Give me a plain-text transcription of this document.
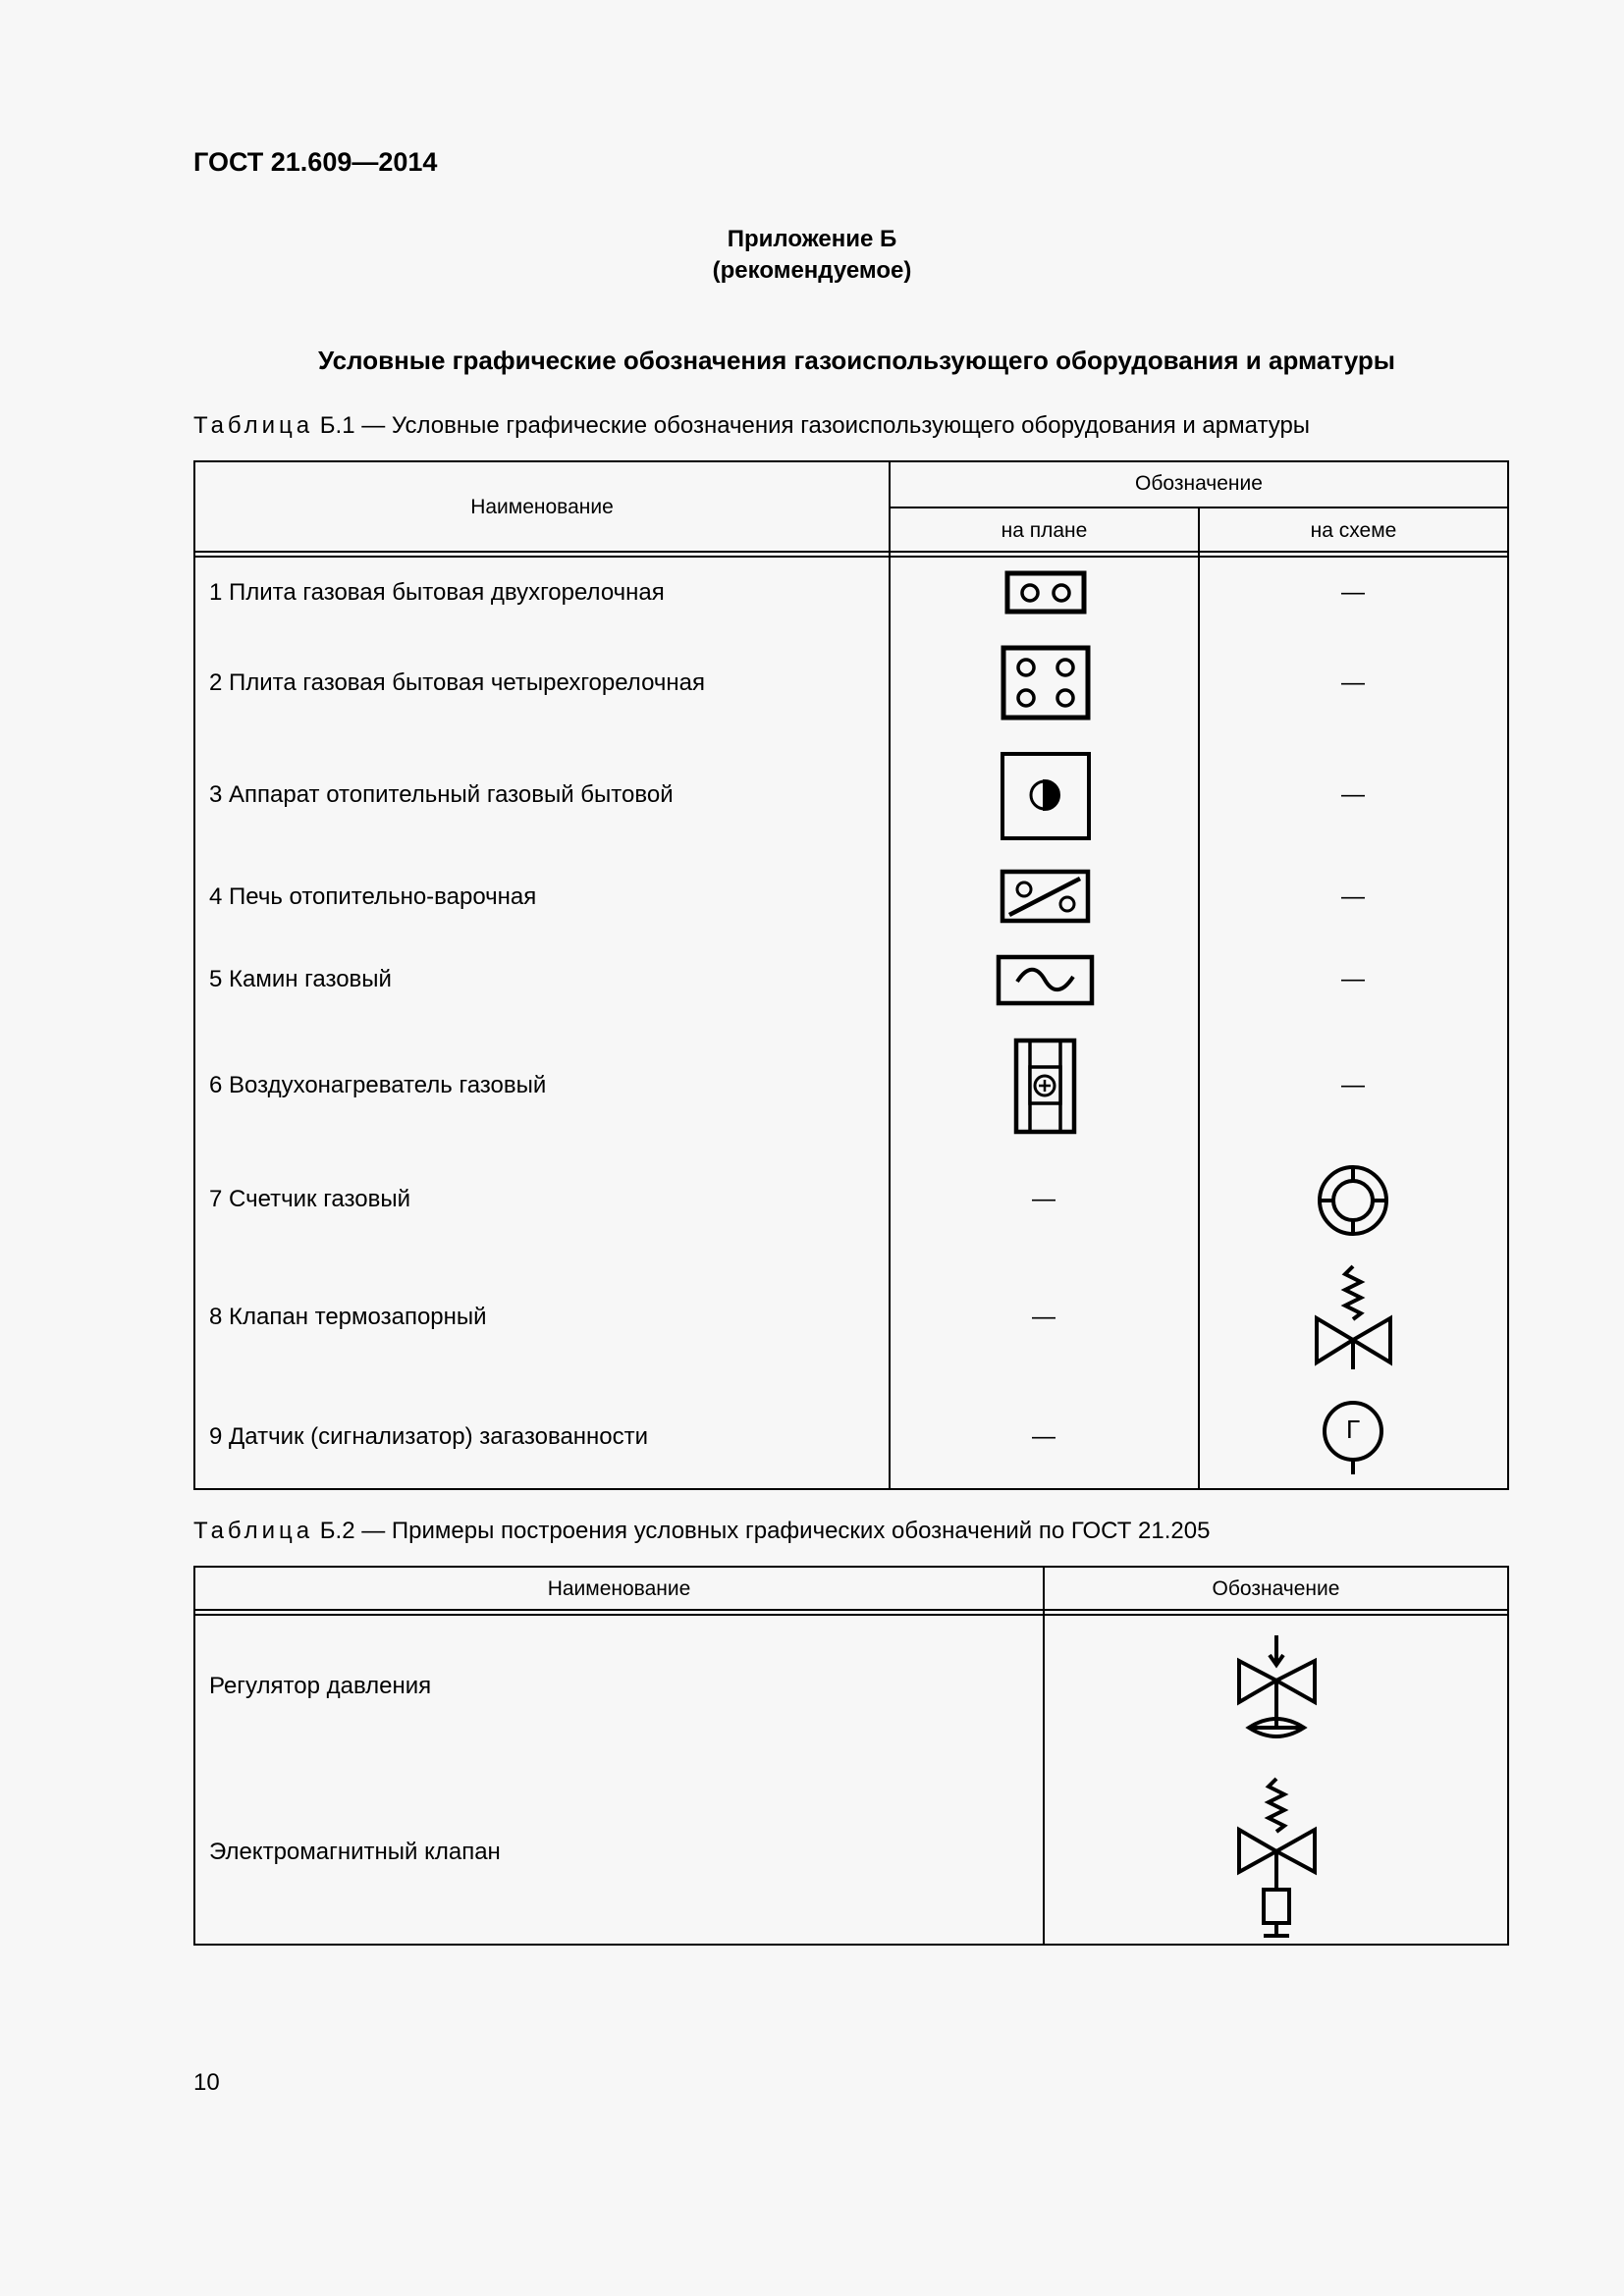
ГОСТ 21.609—2014
Приложение Б
(рекомендуемое)
Условные графические обозначения газоиспользующего оборудования и арматуры
Таблица Б.1 — Условные графические обозначения газоиспользующего оборудования и арматуры
Г
Наименование
Обозначение
на плане	на схеме
1 Плита газовая бытовая двухгорелочная
2 Плита газовая бытовая четырехгорелочная
3 Аппарат отопительный газовый бытовой
4 Печь отопительно-варочная
5 Камин газовый
6 Воздухонагреватель газовый
7 Счетчик газовый
8 Клапан термозапорный
9 Датчик (сигнализатор) загазованности
—
—
—
—
—
—
—
—
—
Таблица Б.2 — Примеры построения условных графических обозначений по ГОСТ 21.205
Наименование	Обозначение
Регулятор давления
Электромагнитный клапан
10
